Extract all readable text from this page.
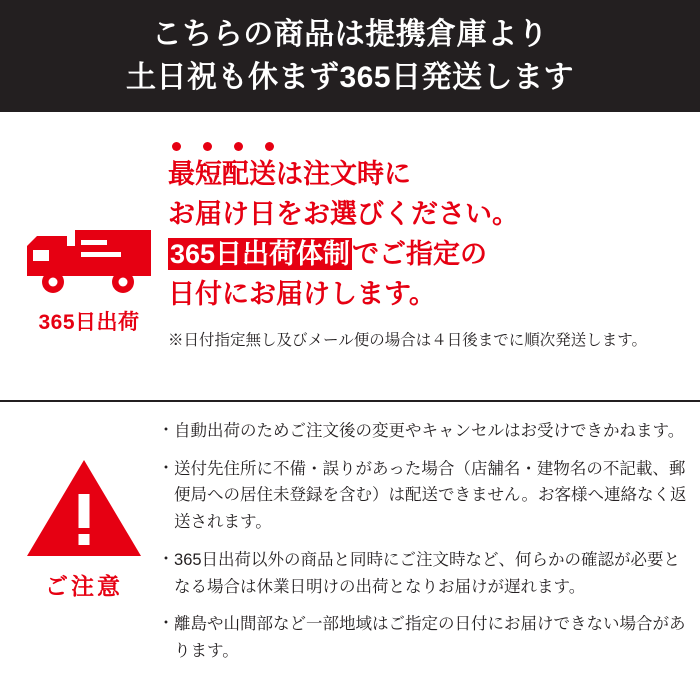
こちらの商品は提携倉庫より
土日祝も休まず365日発送します
365日出荷
最短配送は注文時に
お届け日をお選びください。
365日出荷体制でご指定の
日付にお届けします。
※日付指定無し及びメール便の場合は４日後までに順次発送します。
ご注意
・ 自動出荷のためご注文後の変更やキャンセルはお受けできかねます。
・ 送付先住所に不備・誤りがあった場合（店舗名・建物名の不記載、郵便局への居住未登録を含む）は配送できません。お客様へ連絡なく返送されます。
・ 365日出荷以外の商品と同時にご注文時など、何らかの確認が必要となる場合は休業日明けの出荷となりお届けが遅れます。
・ 離島や山間部など一部地域はご指定の日付にお届けできない場合があります。
